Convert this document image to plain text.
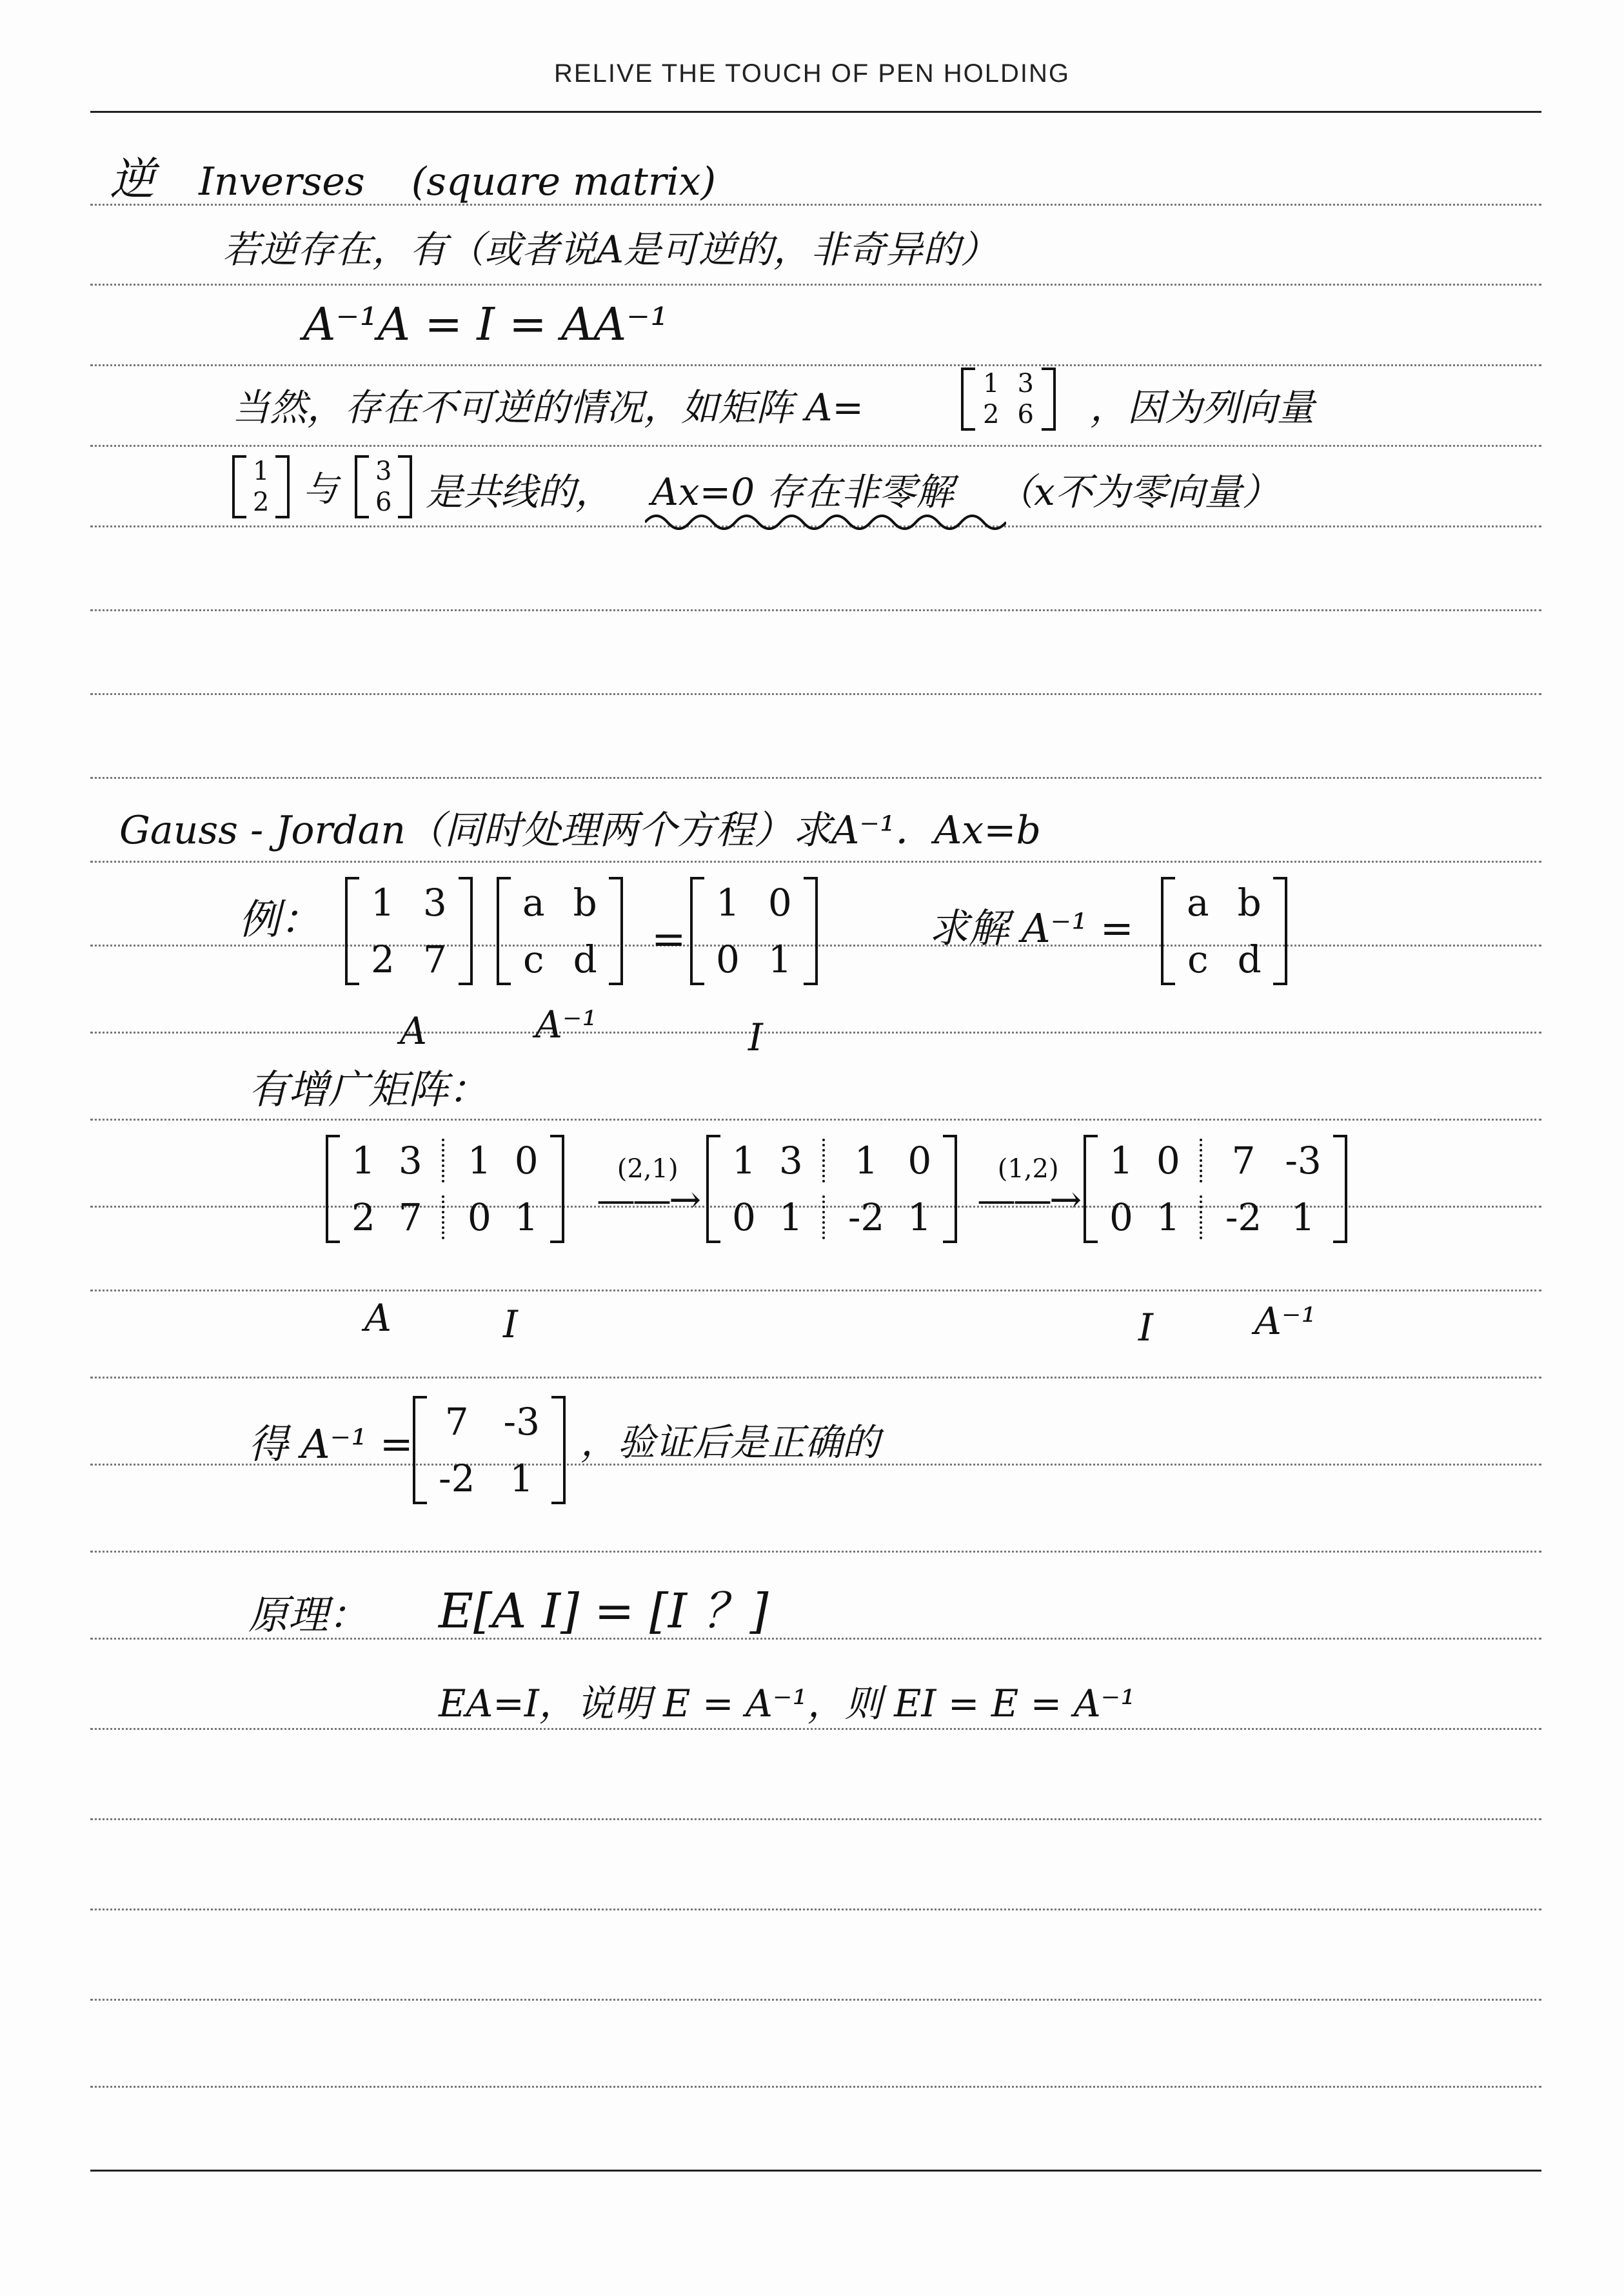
RELIVE THE TOUCH OF PEN HOLDING
逆 Inverses (square matrix)
若逆存在，有（或者说A是可逆的，非奇异的）
A⁻¹A = I = AA⁻¹
当然，存在不可逆的情况，如矩阵 A=
1 3
2 6 ，因为列向量
1
2 与 3
6 是共线的， Ax=0 存在非零解 （x不为零向量）
Gauss - Jordan（同时处理两个方程）求A⁻¹．Ax=b
例： 1 3
2 7
a b
c d =
1 0
0 1
A	A⁻¹	I
求解 A⁻¹ =
a b
c d
有增广矩阵：
1 3	1 0
2 7	0 1
(2,1)
——→
1 3	1 0
0 1	-2 1
(1,2)
——→
1 0	7 -3
0 1	-2 1
A	I	I	A⁻¹
得 A⁻¹ = 7 -3
-2 1
，验证后是正确的
原理： E[A I] = [I ？]
EA=I，说明 E = A⁻¹，则 EI = E = A⁻¹
